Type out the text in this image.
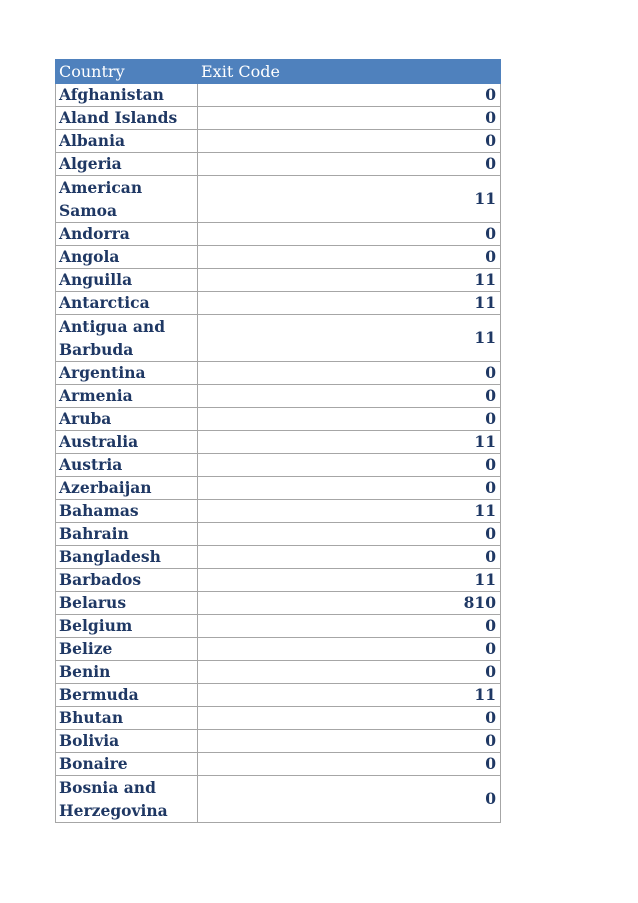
Country	Exit Code
Afghanistan	0
Aland Islands	0
Albania	0
Algeria	0
American Samoa	11
Andorra	0
Angola	0
Anguilla	11
Antarctica	11
Antigua and Barbuda	11
Argentina	0
Armenia	0
Aruba	0
Australia	11
Austria	0
Azerbaijan	0
Bahamas	11
Bahrain	0
Bangladesh	0
Barbados	11
Belarus	810
Belgium	0
Belize	0
Benin	0
Bermuda	11
Bhutan	0
Bolivia	0
Bonaire	0
Bosnia and Herzegovina	0
